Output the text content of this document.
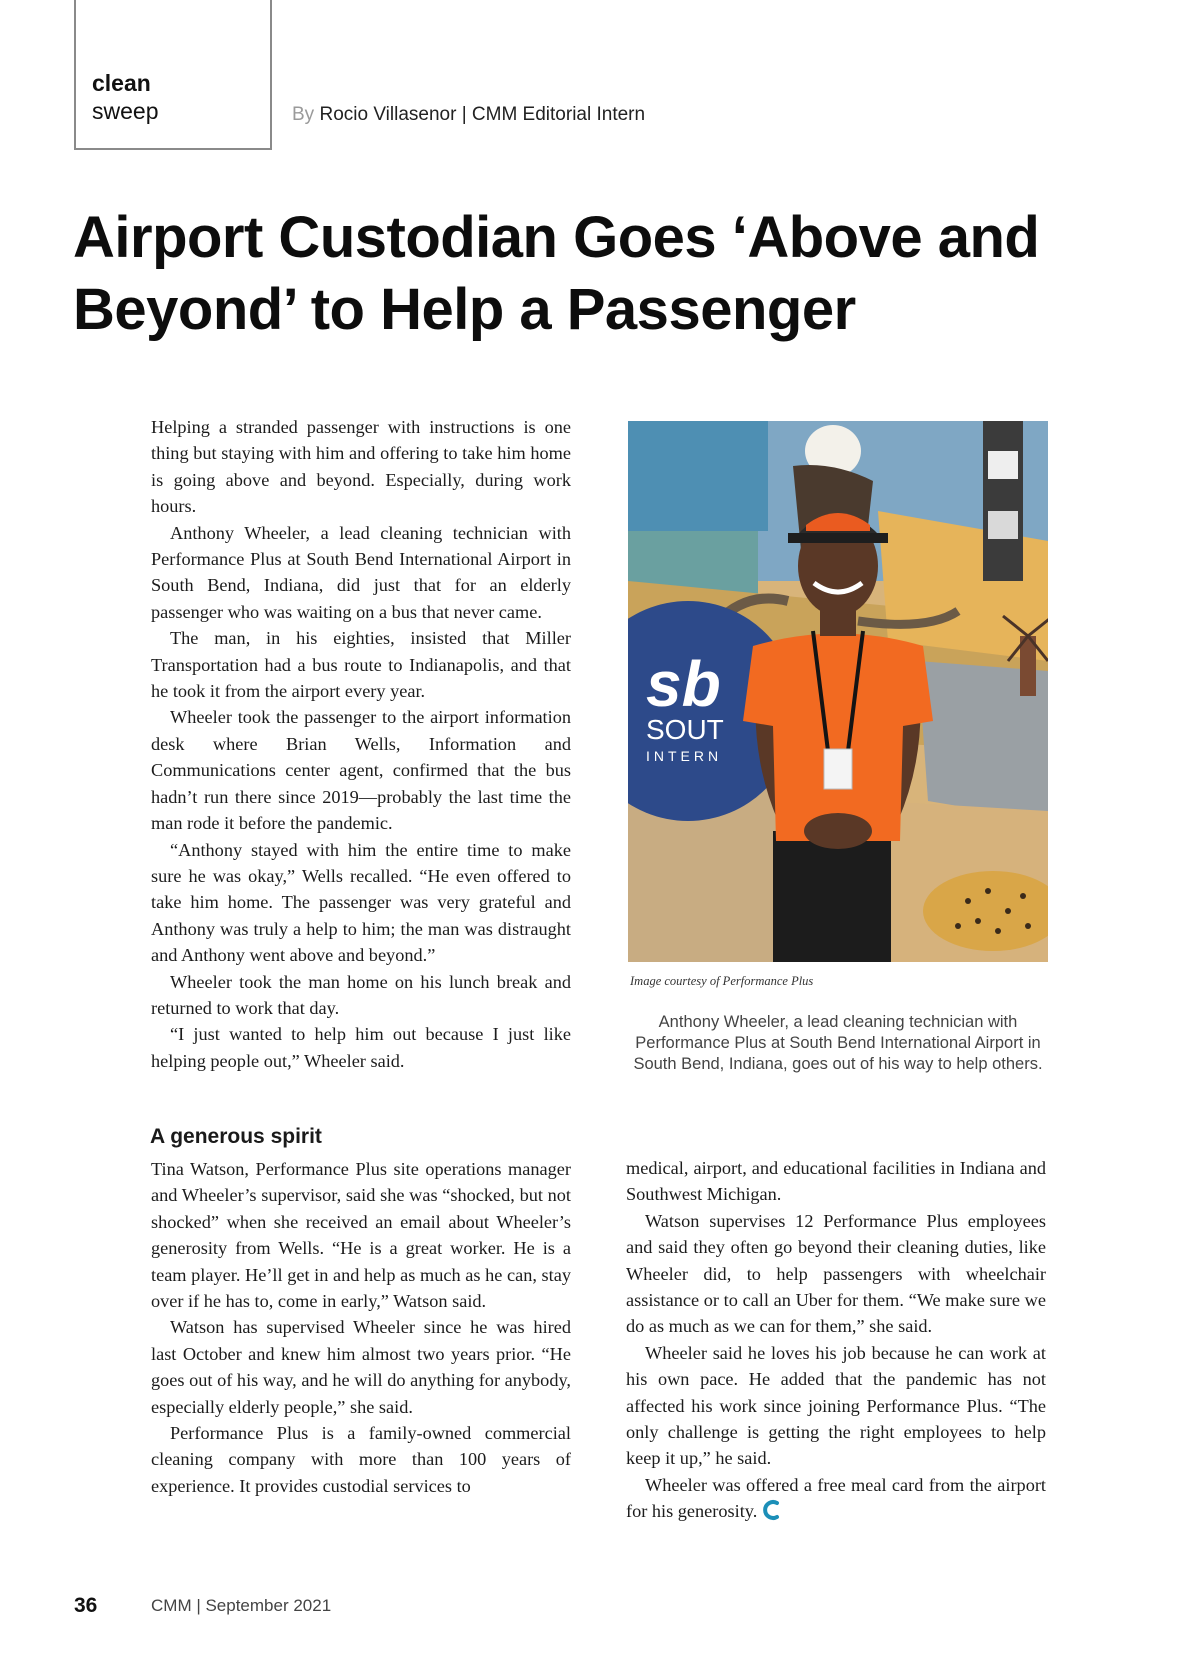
clean
sweep	By Rocio Villasenor | CMM Editorial Intern
Airport Custodian Goes ‘Above and Beyond’ to Help a Passenger

Helping a stranded passenger with instructions is one thing but staying with him and offering to take him home is going above and beyond. Especially, during work hours.

Anthony Wheeler, a lead cleaning technician with Performance Plus at South Bend International Airport in South Bend, Indiana, did just that for an elderly passenger who was waiting on a bus that never came.

The man, in his eighties, insisted that Miller Transportation had a bus route to Indianapolis, and that he took it from the airport every year.

Wheeler took the passenger to the airport information desk where Brian Wells, Information and Communications center agent, confirmed that the bus hadn’t run there since 2019—probably the last time the man rode it before the pandemic.

“Anthony stayed with him the entire time to make sure he was okay,” Wells recalled. “He even offered to take him home. The passenger was very grateful and Anthony was truly a help to him; the man was distraught and Anthony went above and beyond.”

Wheeler took the man home on his lunch break and returned to work that day.

“I just wanted to help him out because I just like helping people out,” Wheeler said.

sb
SOUT
INTERN
Image courtesy of Performance Plus
Anthony Wheeler, a lead cleaning technician with Performance Plus at South Bend International Airport in South Bend, Indiana, goes out of his way to help others.
A generous spirit

Tina Watson, Performance Plus site operations manager and Wheeler’s supervisor, said she was “shocked, but not shocked” when she received an email about Wheeler’s generosity from Wells. “He is a great worker. He is a team player. He’ll get in and help as much as he can, stay over if he has to, come in early,” Watson said.

Watson has supervised Wheeler since he was hired last October and knew him almost two years prior. “He goes out of his way, and he will do anything for anybody, especially elderly people,” she said.

Performance Plus is a family-owned commercial cleaning company with more than 100 years of experience. It provides custodial services to

medical, airport, and educational facilities in Indiana and Southwest Michigan.

Watson supervises 12 Performance Plus employees and said they often go beyond their cleaning duties, like Wheeler did, to help passengers with wheelchair assistance or to call an Uber for them. “We make sure we do as much as we can for them,” she said.

Wheeler said he loves his job because he can work at his own pace. He added that the pandemic has not affected his work since joining Performance Plus. “The only challenge is getting the right employees to help keep it up,” he said.

Wheeler was offered a free meal card from the airport for his generosity.

36	CMM | September 2021
